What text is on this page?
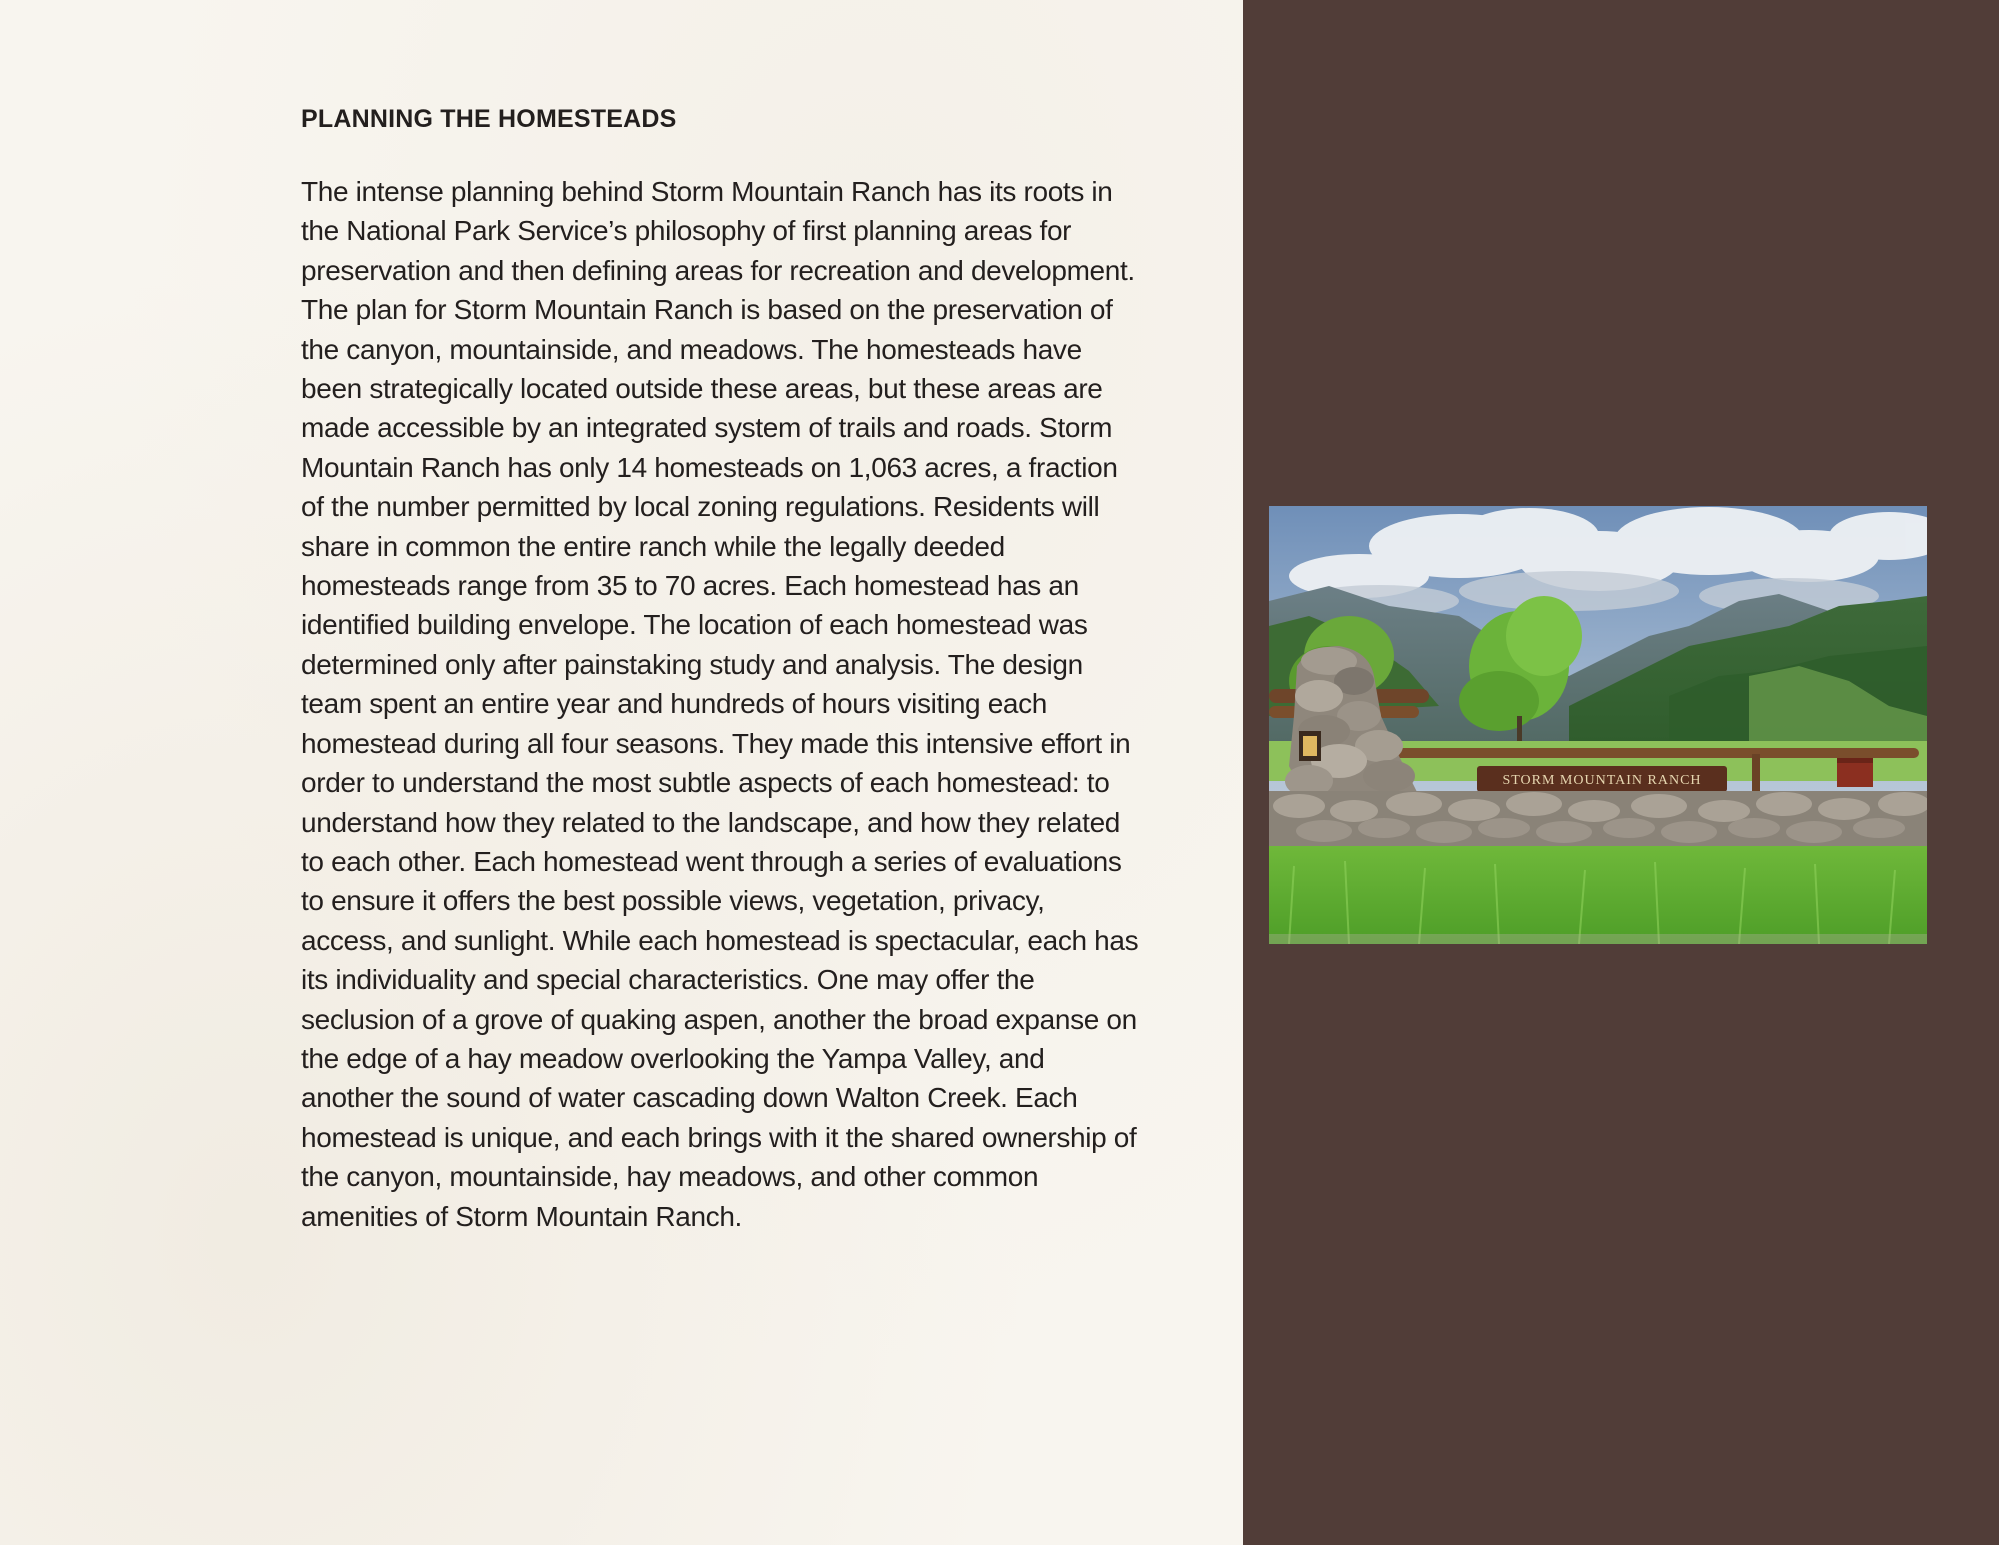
PLANNING THE HOMESTEADS

The intense planning behind Storm Mountain Ranch has its roots in the National Park Service’s philosophy of first planning areas for preservation and then defining areas for recreation and development. The plan for Storm Mountain Ranch is based on the preservation of the canyon, mountainside, and meadows. The homesteads have been strategically located outside these areas, but these areas are made accessible by an integrated system of trails and roads. Storm Mountain Ranch has only 14 homesteads on 1,063 acres, a fraction of the number permitted by local zoning regulations. Residents will share in common the entire ranch while the legally deeded homesteads range from 35 to 70 acres. Each homestead has an identified building envelope. The location of each homestead was determined only after painstaking study and analysis. The design team spent an entire year and hundreds of hours visiting each homestead during all four seasons. They made this intensive effort in order to understand the most subtle aspects of each homestead: to understand how they related to the landscape, and how they related to each other. Each homestead went through a series of evaluations to ensure it offers the best possible views, vegetation, privacy, access, and sunlight. While each homestead is spectacular, each has its individuality and special characteristics. One may offer the seclusion of a grove of quaking aspen, another the broad expanse on the edge of a hay meadow overlooking the Yampa Valley, and another the sound of water cascading down Walton Creek. Each homestead is unique, and each brings with it the shared ownership of the canyon, mountainside, hay meadows, and other common amenities of Storm Mountain Ranch.

STORM MOUNTAIN RANCH
